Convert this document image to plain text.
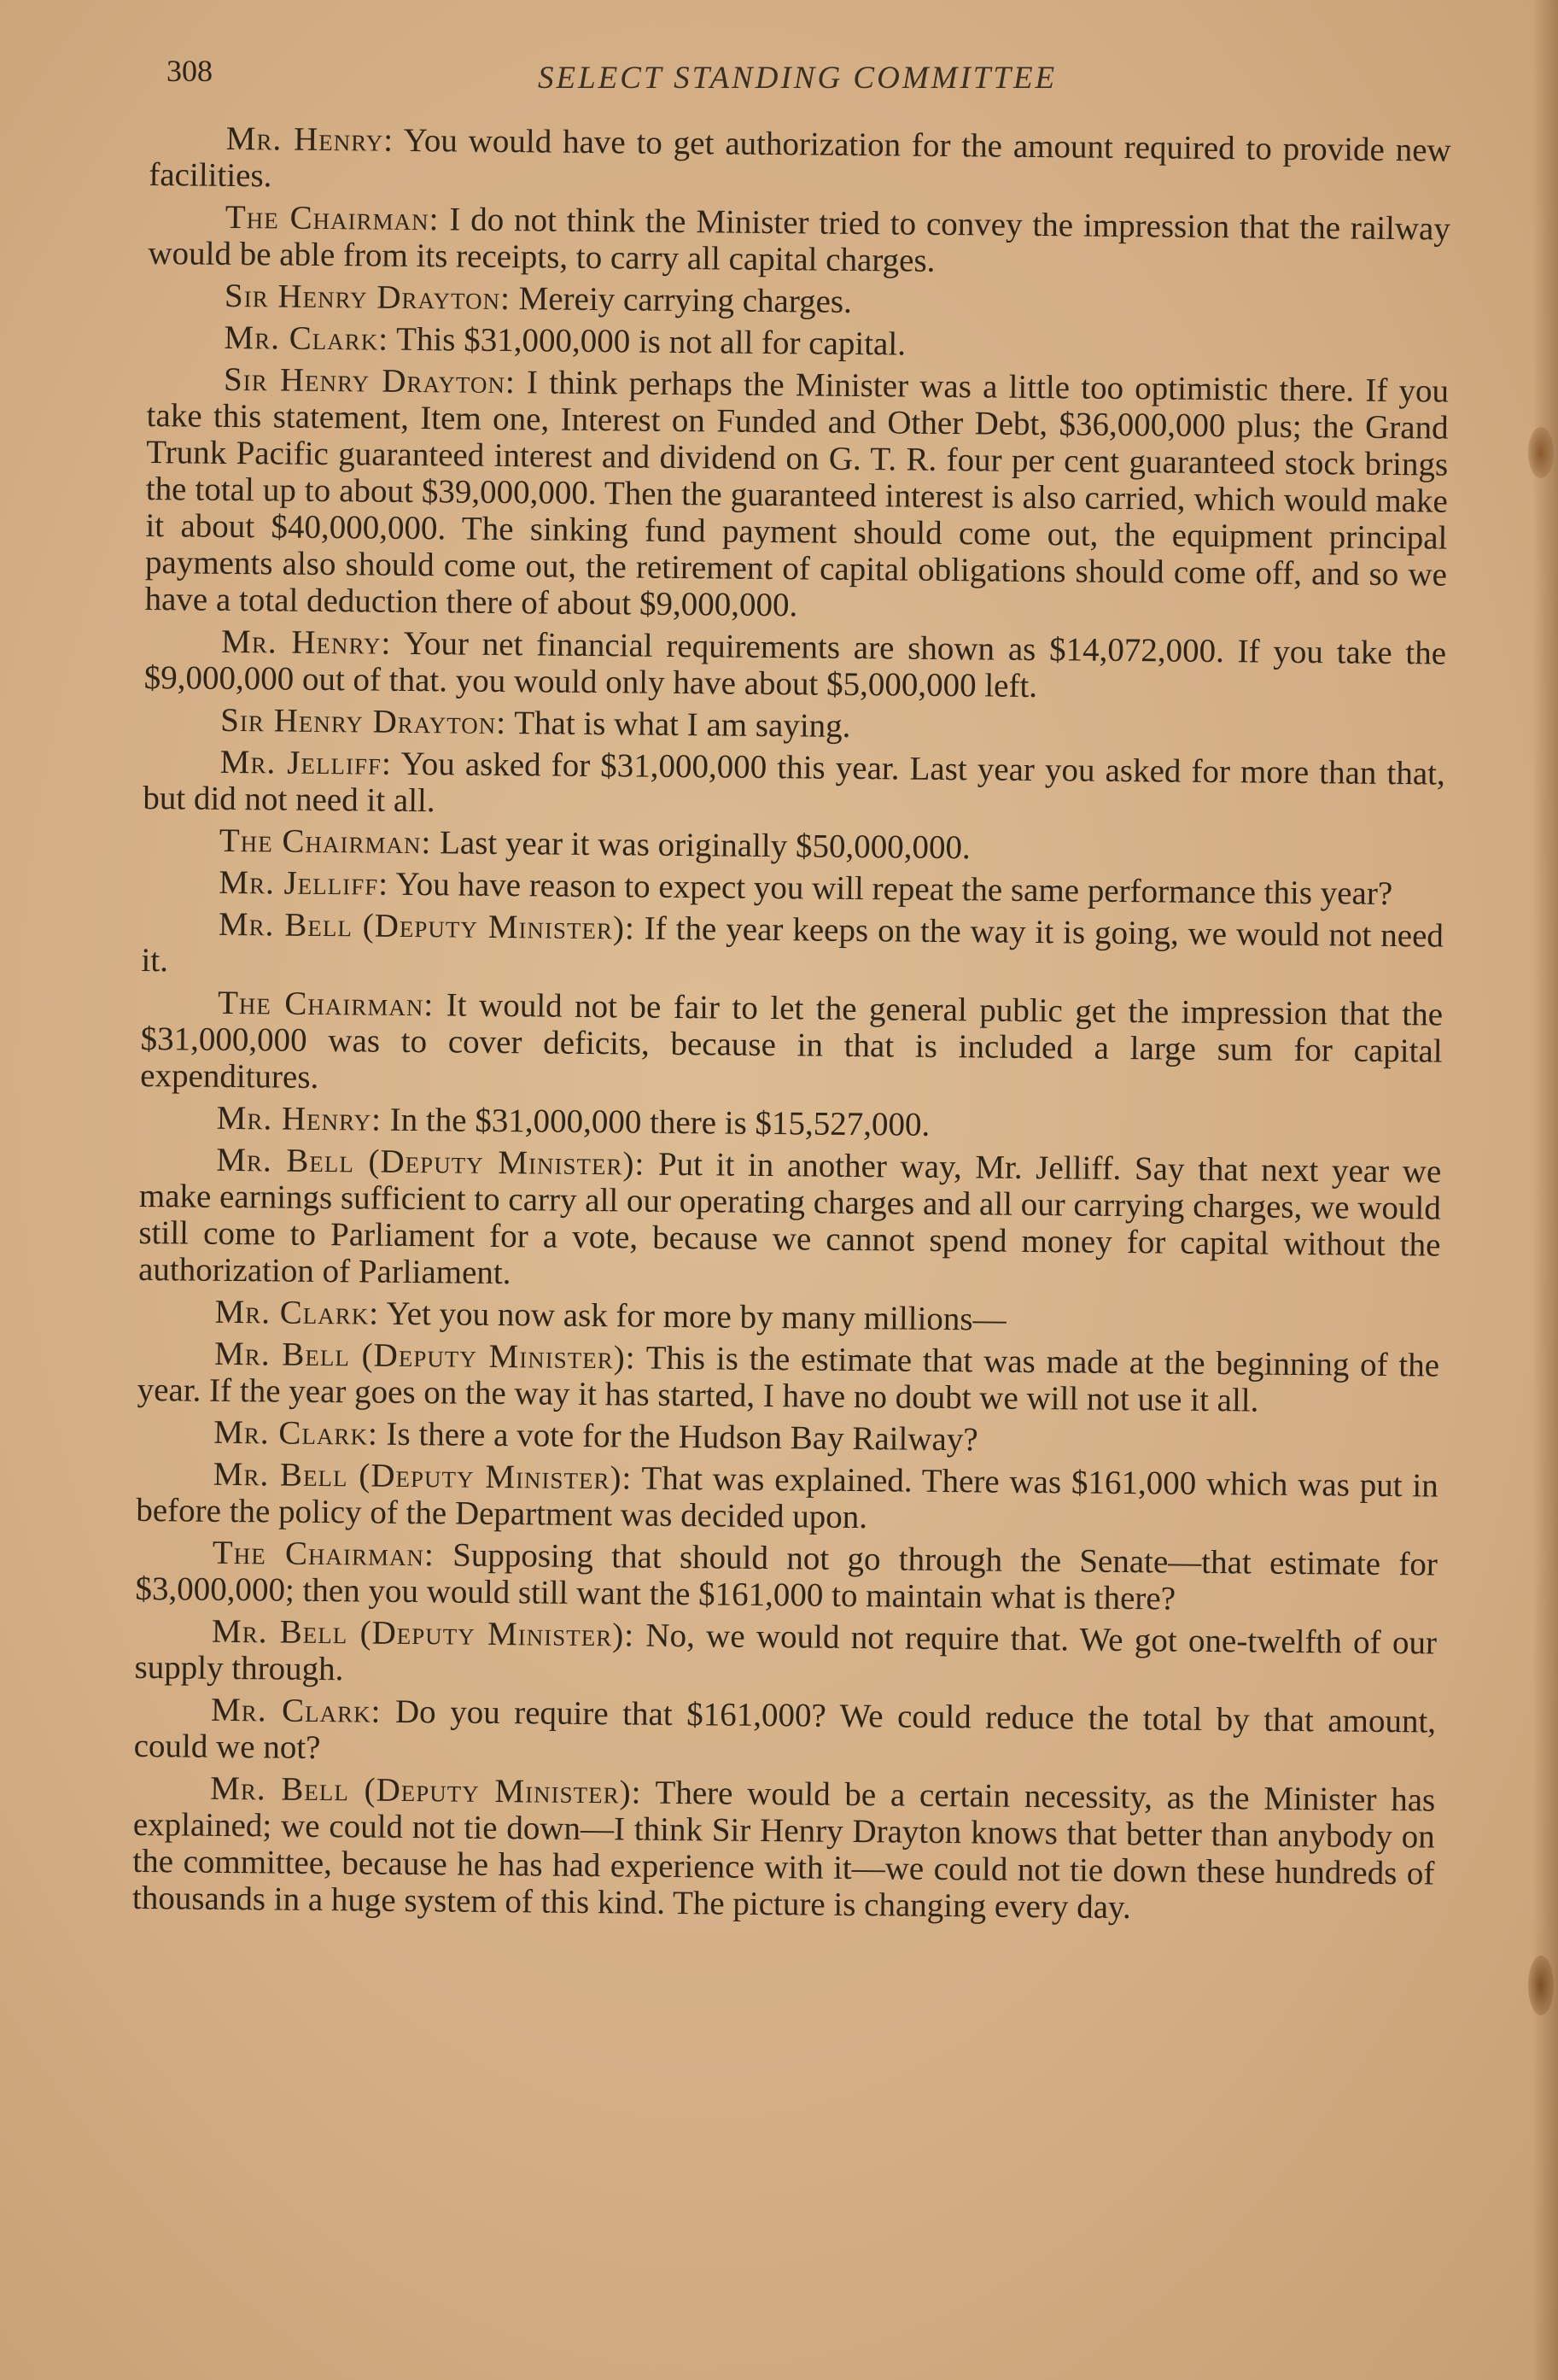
308	SELECT STANDING COMMITTEE

Mr. Henry: You would have to get authorization for the amount required to provide new facilities.

The Chairman: I do not think the Minister tried to convey the impression that the railway would be able from its receipts, to carry all capital charges.

Sir Henry Drayton: Mereiy carrying charges.

Mr. Clark: This $31,000,000 is not all for capital.

Sir Henry Drayton: I think perhaps the Minister was a little too optimistic there. If you take this statement, Item one, Interest on Funded and Other Debt, $36,000,000 plus; the Grand Trunk Pacific guaranteed interest and dividend on G. T. R. four per cent guaranteed stock brings the total up to about $39,000,000. Then the guaranteed interest is also carried, which would make it about $40,000,000. The sinking fund payment should come out, the equipment principal payments also should come out, the retirement of capital obligations should come off, and so we have a total deduction there of about $9,000,000.

Mr. Henry: Your net financial requirements are shown as $14,072,000. If you take the $9,000,000 out of that. you would only have about $5,000,000 left.

Sir Henry Drayton: That is what I am saying.

Mr. Jelliff: You asked for $31,000,000 this year. Last year you asked for more than that, but did not need it all.

The Chairman: Last year it was originally $50,000,000.

Mr. Jelliff: You have reason to expect you will repeat the same performance this year?

Mr. Bell (Deputy Minister): If the year keeps on the way it is going, we would not need it.

The Chairman: It would not be fair to let the general public get the impression that the $31,000,000 was to cover deficits, because in that is included a large sum for capital expenditures.

Mr. Henry: In the $31,000,000 there is $15,527,000.

Mr. Bell (Deputy Minister): Put it in another way, Mr. Jelliff. Say that next year we make earnings sufficient to carry all our operating charges and all our carrying charges, we would still come to Parliament for a vote, because we cannot spend money for capital without the authorization of Parliament.

Mr. Clark: Yet you now ask for more by many millions—

Mr. Bell (Deputy Minister): This is the estimate that was made at the beginning of the year. If the year goes on the way it has started, I have no doubt we will not use it all.

Mr. Clark: Is there a vote for the Hudson Bay Railway?

Mr. Bell (Deputy Minister): That was explained. There was $161,000 which was put in before the policy of the Department was decided upon.

The Chairman: Supposing that should not go through the Senate—that estimate for $3,000,000; then you would still want the $161,000 to maintain what is there?

Mr. Bell (Deputy Minister): No, we would not require that. We got one-twelfth of our supply through.

Mr. Clark: Do you require that $161,000? We could reduce the total by that amount, could we not?

Mr. Bell (Deputy Minister): There would be a certain necessity, as the Minister has explained; we could not tie down—I think Sir Henry Drayton knows that better than anybody on the committee, because he has had experience with it—we could not tie down these hundreds of thousands in a huge system of this kind. The picture is changing every day.
